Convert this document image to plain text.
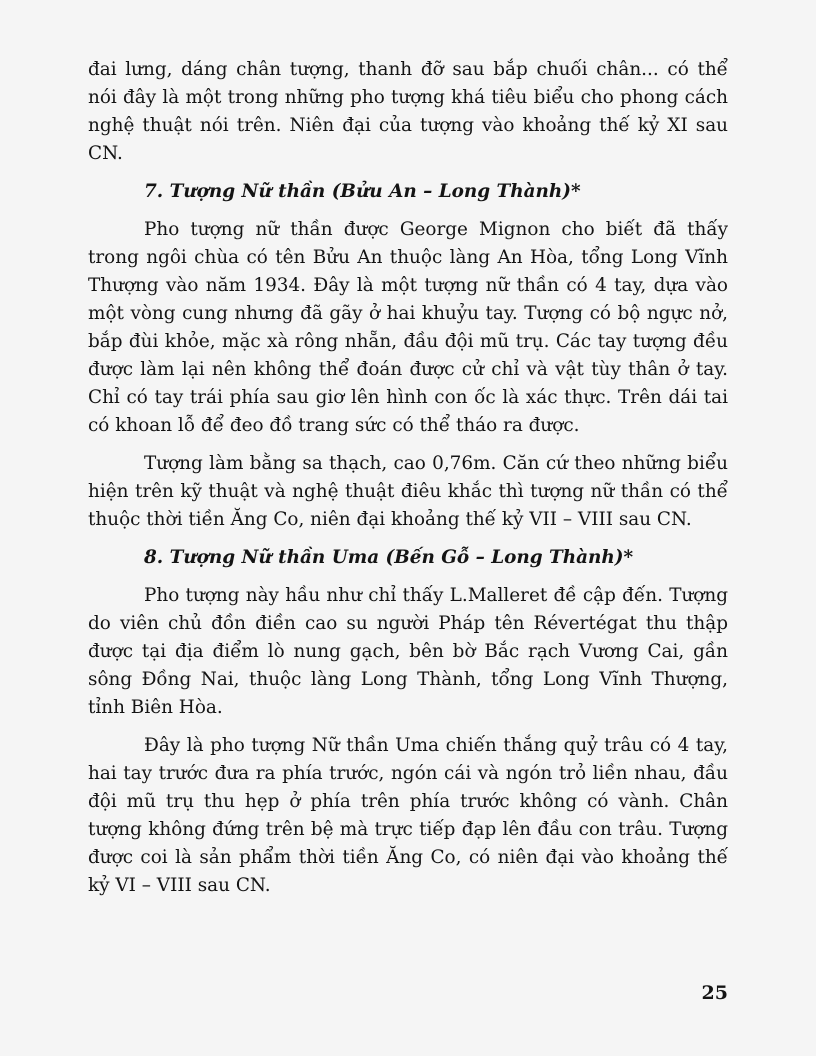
đai lưng, dáng chân tượng, thanh đỡ sau bắp chuối chân... có thể nói đây là một trong những pho tượng khá tiêu biểu cho phong cách nghệ thuật nói trên. Niên đại của tượng vào khoảng thế kỷ XI sau CN.

7. Tượng Nữ thần (Bửu An – Long Thành)*

Pho tượng nữ thần được George Mignon cho biết đã thấy trong ngôi chùa có tên Bửu An thuộc làng An Hòa, tổng Long Vĩnh Thượng vào năm 1934. Đây là một tượng nữ thần có 4 tay, dựa vào một vòng cung nhưng đã gãy ở hai khuỷu tay. Tượng có bộ ngực nở, bắp đùi khỏe, mặc xà rông nhẵn, đầu đội mũ trụ. Các tay tượng đều được làm lại nên không thể đoán được cử chỉ và vật tùy thân ở tay. Chỉ có tay trái phía sau giơ lên hình con ốc là xác thực. Trên dái tai có khoan lỗ để đeo đồ trang sức có thể tháo ra được.

Tượng làm bằng sa thạch, cao 0,76m. Căn cứ theo những biểu hiện trên kỹ thuật và nghệ thuật điêu khắc thì tượng nữ thần có thể thuộc thời tiền Ăng Co, niên đại khoảng thế kỷ VII – VIII sau CN.

8. Tượng Nữ thần Uma (Bến Gỗ – Long Thành)*

Pho tượng này hầu như chỉ thấy L.Malleret đề cập đến. Tượng do viên chủ đồn điền cao su người Pháp tên Révertégat thu thập được tại địa điểm lò nung gạch, bên bờ Bắc rạch Vương Cai, gần sông Đồng Nai, thuộc làng Long Thành, tổng Long Vĩnh Thượng, tỉnh Biên Hòa.

Đây là pho tượng Nữ thần Uma chiến thắng quỷ trâu có 4 tay, hai tay trước đưa ra phía trước, ngón cái và ngón trỏ liền nhau, đầu đội mũ trụ thu hẹp ở phía trên phía trước không có vành. Chân tượng không đứng trên bệ mà trực tiếp đạp lên đầu con trâu. Tượng được coi là sản phẩm thời tiền Ăng Co, có niên đại vào khoảng thế kỷ VI – VIII sau CN.

25
